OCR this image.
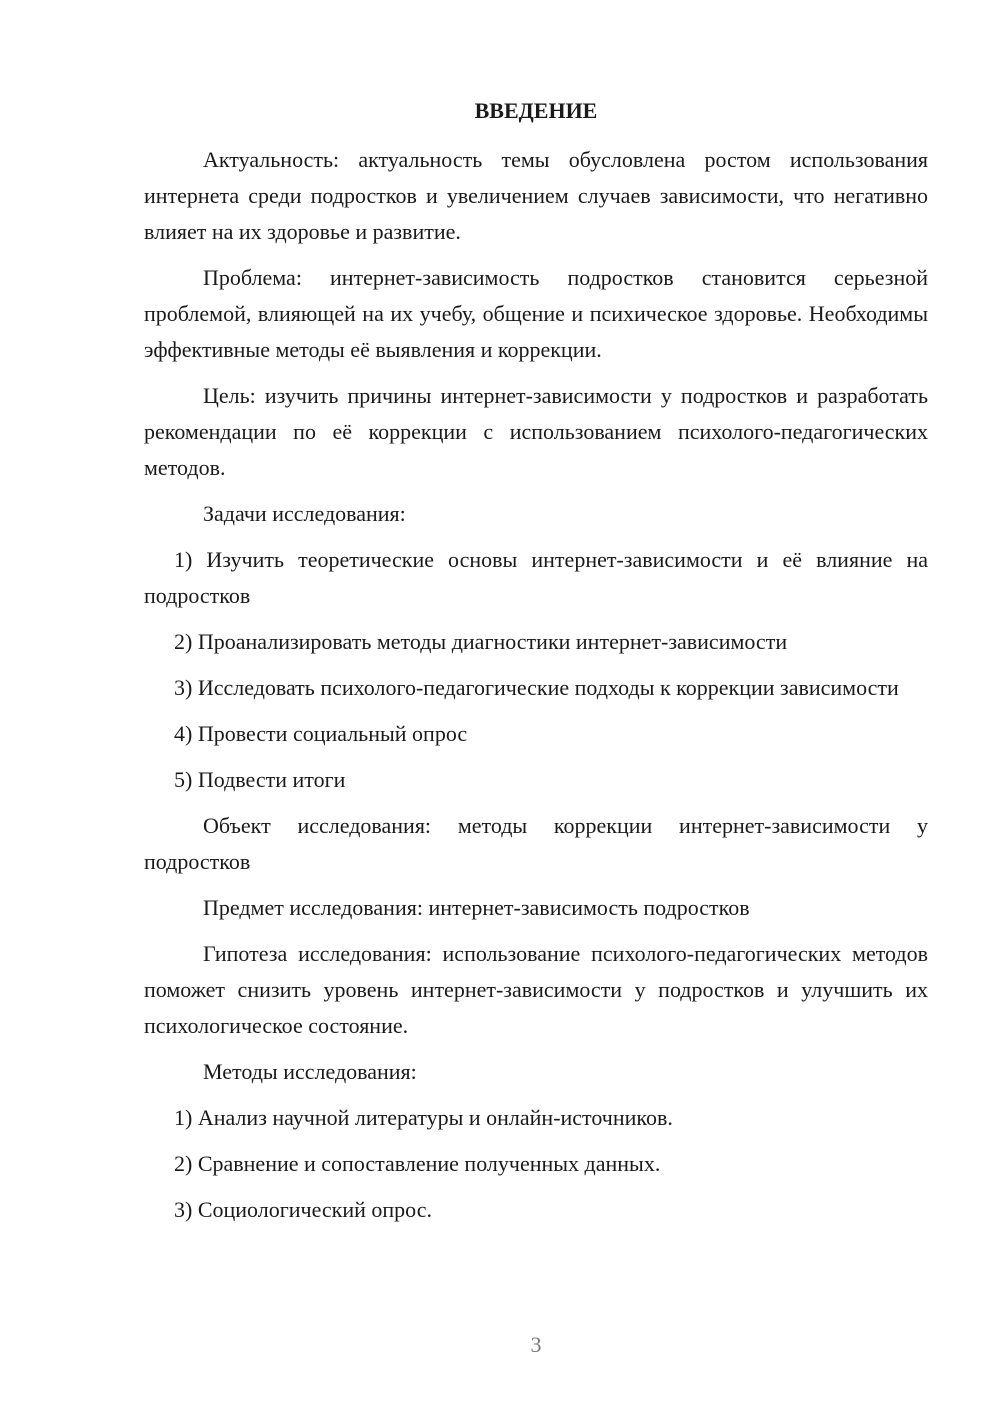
ВВЕДЕНИЕ

Актуальность: актуальность темы обусловлена ростом использования интернета среди подростков и увеличением случаев зависимости, что негативно влияет на их здоровье и развитие.

Проблема: интернет-зависимость подростков становится серьезной проблемой, влияющей на их учебу, общение и психическое здоровье. Необходимы эффективные методы её выявления и коррекции.

Цель: изучить причины интернет-зависимости у подростков и разработать рекомендации по её коррекции с использованием психолого-педагогических методов.

Задачи исследования:

1) Изучить теоретические основы интернет-зависимости и её влияние на подростков

2) Проанализировать методы диагностики интернет-зависимости

3) Исследовать психолого-педагогические подходы к коррекции зависимости

4) Провести социальный опрос

5) Подвести итоги

Объект исследования: методы коррекции интернет-зависимости у подростков

Предмет исследования: интернет-зависимость подростков

Гипотеза исследования: использование психолого-педагогических методов поможет снизить уровень интернет-зависимости у подростков и улучшить их психологическое состояние.

Методы исследования:

1) Анализ научной литературы и онлайн-источников.

2) Сравнение и сопоставление полученных данных.

3) Социологический опрос.

3
